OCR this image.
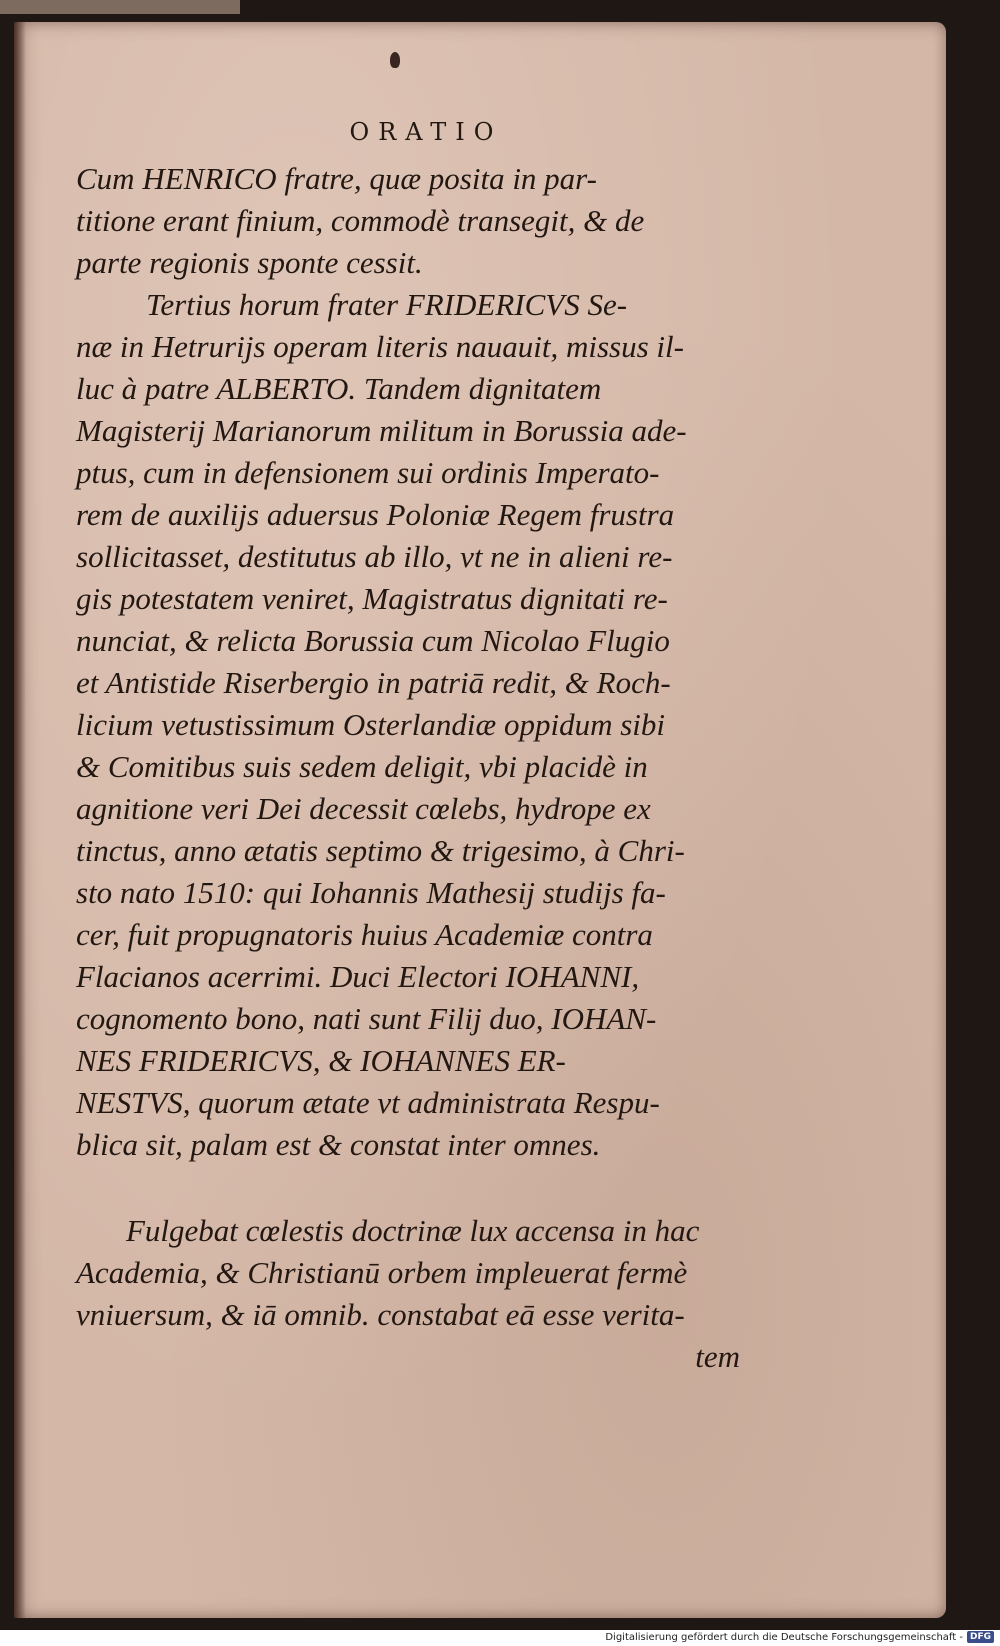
ORATIO

Cum HENRICO fratre, quæ posita in par-
titione erant finium, commodè transegit, & de
parte regionis sponte cessit.

Tertius horum frater FRIDERICVS Se-
næ in Hetrurijs operam literis nauauit, missus il-
luc à patre ALBERTO. Tandem dignitatem
Magisterij Marianorum militum in Borussia ade-
ptus, cum in defensionem sui ordinis Imperato-
rem de auxilijs aduersus Poloniæ Regem frustra
sollicitasset, destitutus ab illo, vt ne in alieni re-
gis potestatem veniret, Magistratus dignitati re-
nunciat, & relicta Borussia cum Nicolao Flugio
et Antistide Riserbergio in patriā redit, & Roch-
licium vetustissimum Osterlandiæ oppidum sibi
& Comitibus suis sedem deligit, vbi placidè in
agnitione veri Dei decessit cœlebs, hydrope ex
tinctus, anno ætatis septimo & trigesimo, à Chri-
sto nato 1510: qui Iohannis Mathesij studijs fa-
cer, fuit propugnatoris huius Academiæ contra
Flacianos acerrimi. Duci Electori IOHANNI,
cognomento bono, nati sunt Filij duo, IOHAN-
NES FRIDERICVS, & IOHANNES ER-
NESTVS, quorum ætate vt administrata Respu-
blica sit, palam est & constat inter omnes.

Fulgebat cœlestis doctrinæ lux accensa in hac
Academia, & Christianū orbem impleuerat fermè
vniuersum, & iā omnib. constabat eā esse verita-

tem
Digitalisierung gefördert durch die Deutsche Forschungsgemeinschaft - DFG
